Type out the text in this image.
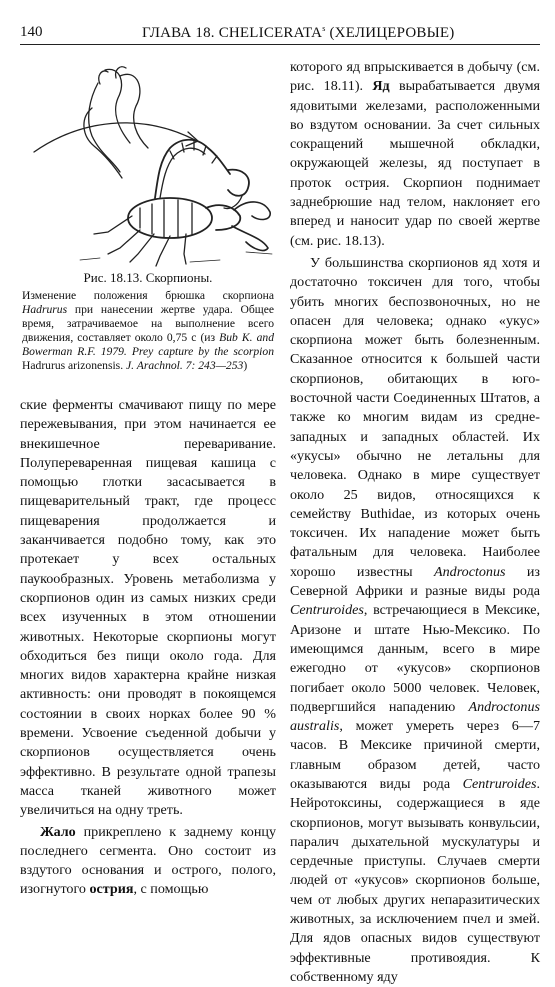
140	ГЛАВА 18. CHELICERATA$^s$ (ХЕЛИЦЕРОВЫЕ)
Рис. 18.13. Скорпионы.
Изменение положения брюшка скорпиона Hadrurus при нанесении жертве удара. Общее время, затрачиваемое на выполнение всего движения, составляет около 0,75 с (из Bub K. and Bowerman R.F. 1979. Prey capture by the scorpion Hadrurus arizonensis. J. Arachnol. 7: 243—253)

ские ферменты смачивают пищу по мере пережевывания, при этом начинается ее внекишечное переваривание. Полупереваренная пищевая кашица с помощью глотки засасывается в пищеварительный тракт, где процесс пищеварения продолжается и заканчивается подобно тому, как это протекает у всех остальных паукообразных. Уровень метаболизма у скорпионов один из самых низких среди всех изученных в этом отношении животных. Некоторые скорпионы могут обходиться без пищи около года. Для многих видов характерна крайне низкая активность: они проводят в покоящемся состоянии в своих норках более 90 % времени. Усвоение съеденной добычи у скорпионов осуществляется очень эффективно. В результате одной трапезы масса тканей животного может увеличиться на одну треть.

Жало прикреплено к заднему концу последнего сегмента. Оно состоит из вздутого основания и острого, полого, изогнутого острия, с помощью

которого яд впрыскивается в добычу (см. рис. 18.11). Яд вырабатывается двумя ядовитыми железами, расположенными во вздутом основании. За счет сильных сокращений мышечной обкладки, окружающей железы, яд поступает в проток острия. Скорпион поднимает заднебрюшие над телом, наклоняет его вперед и наносит удар по своей жертве (см. рис. 18.13).

У большинства скорпионов яд хотя и достаточно токсичен для того, чтобы убить многих беспозвоночных, но не опасен для человека; однако «укус» скорпиона может быть болезненным. Сказанное относится к большей части скорпионов, обитающих в юго-восточной части Соединенных Штатов, а также ко многим видам из средне-западных и западных областей. Их «укусы» обычно не летальны для человека. Однако в мире существует около 25 видов, относящихся к семейству Buthidae, из которых очень токсичен. Их нападение может быть фатальным для человека. Наиболее хорошо известны Androctonus из Северной Африки и разные виды рода Centruroides, встречающиеся в Мексике, Аризоне и штате Нью-Мексико. По имеющимся данным, всего в мире ежегодно от «укусов» скорпионов погибает около 5000 человек. Человек, подвергшийся нападению Androctonus australis, может умереть через 6—7 часов. В Мексике причиной смерти, главным образом детей, часто оказываются виды рода Centruroides. Нейротоксины, содержащиеся в яде скорпионов, могут вызывать конвульсии, паралич дыхательной мускулатуры и сердечные приступы. Случаев смерти людей от «укусов» скорпионов больше, чем от любых других непаразитических животных, за исключением пчел и змей. Для ядов опасных видов существуют эффективные противоядия. К собственному яду
